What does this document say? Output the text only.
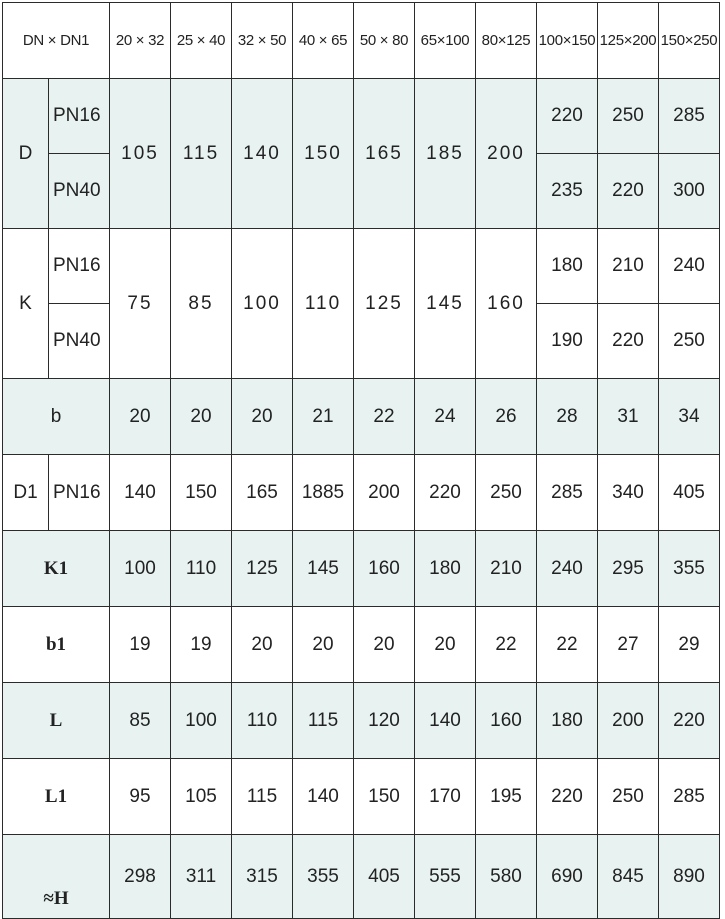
DN × DN1		20 × 32	25 × 40	32 × 50	40 × 65	50 × 80	65×100	80×125	100×150	125×200	150×250
D	PN16	105	115	140	150	165	185	200	220	250	285
	PN40								235	220	300
K	PN16	75	85	100	110	125	145	160	180	210	240
	PN40								190	220	250
b		20	20	20	21	22	24	26	28	31	34
D1	PN16	140	150	165	1885	200	220	250	285	340	405
K1		100	110	125	145	160	180	210	240	295	355
b1		19	19	20	20	20	20	22	22	27	29
L		85	100	110	115	120	140	160	180	200	220
L1		95	105	115	140	150	170	195	220	250	285
≈H		298	311	315	355	405	555	580	690	845	890
